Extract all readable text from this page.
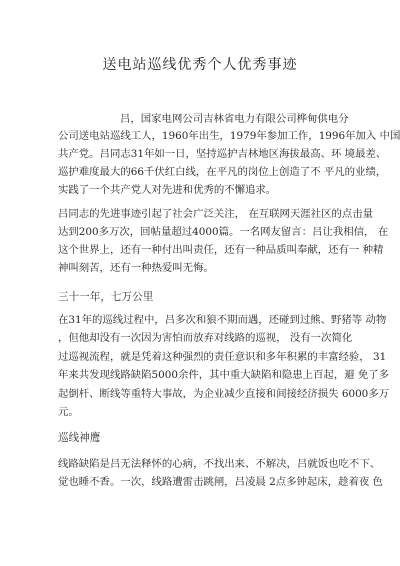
送电站巡线优秀个人优秀事迹
吕，国家电网公司吉林省电力有限公司桦甸供电分
公司送电站巡线工人，1960年出生，1979年参加工作，1996年加入 中国
共产党。吕同志31年如一日，坚持巡护吉林地区海拔最高、环 境最差、
巡护难度最大的66千伏红白线，在平凡的岗位上创造了不 平凡的业绩，
实践了一个共产党人对先进和优秀的不懈追求。
吕同志的先进事迹引起了社会广泛关注， 在互联网天涯社区的点击量
达到200多万次，回帖量超过4000篇。一名网友留言：吕让我相信， 在
这个世界上，还有一种付出叫责任，还有一种品质叫奉献，还有一 种精
神叫刻苦，还有一种热爱叫无悔。
三十一年，七万公里
在31年的巡线过程中，吕多次和狼不期而遇，还碰到过熊、野猪等 动物
，但他却没有一次因为害怕而放弃对线路的巡视， 没有一次简化
过巡视流程，就是凭着这种强烈的责任意识和多年积累的丰富经验， 31
年来共发现线路缺陷5000余件，其中重大缺陷和隐患上百起，避 免了多
起倒杆、断线等重特大事故，为企业减少直接和间接经济损失 6000多万
元。
巡线神鹰
线路缺陷是吕无法释怀的心病，不找出来、不解决，吕就饭也吃不下、
觉也睡不香。一次，线路遭雷击跳闸，吕凌晨 2点多钟起床，趁着夜 色
